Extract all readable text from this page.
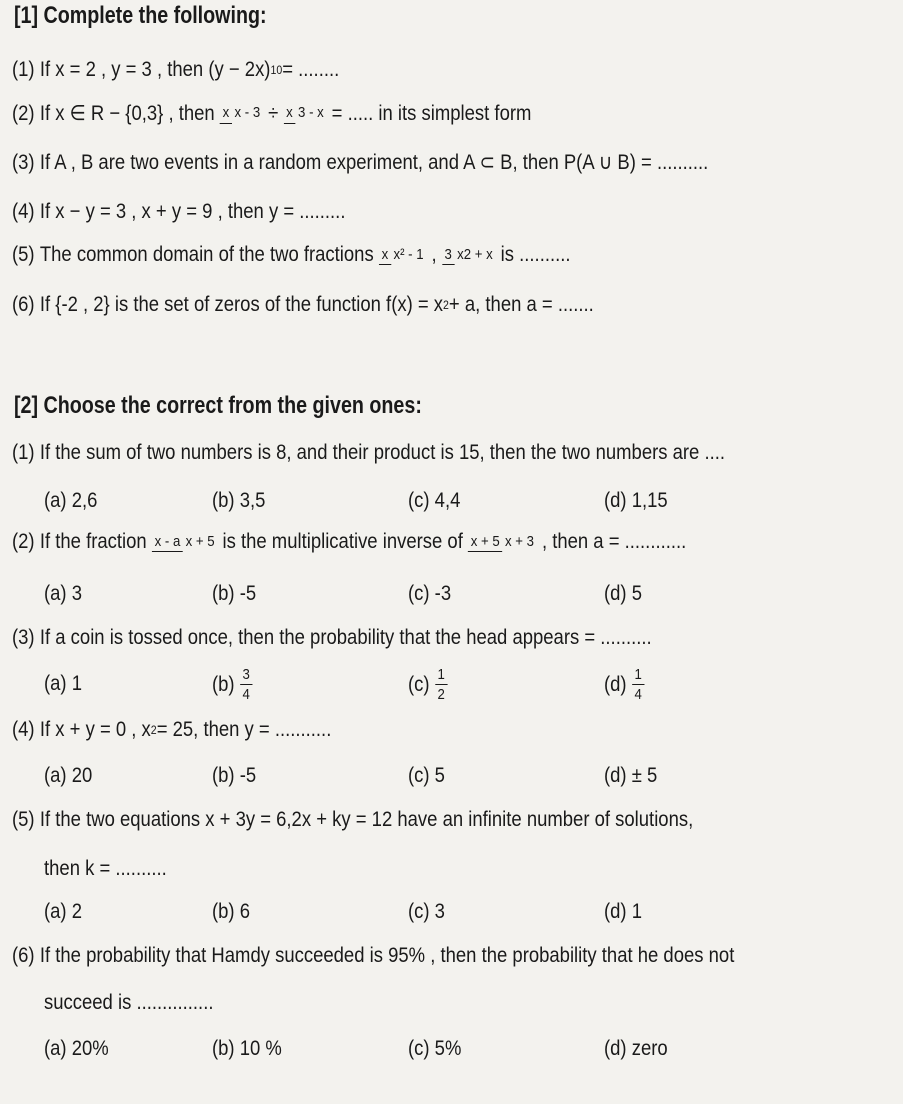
[1] Complete the following:
(1) If x = 2 , y = 3 , then (y − 2x) 10 = ........
(2) If x ∈ R − {0,3} , then x x - 3 ÷ x 3 - x = ..... in its simplest form
(3) If A , B are two events in a random experiment, and A ⊂ B, then P(A ∪ B) = ..........
(4) If x − y = 3 , x + y = 9 , then y = .........
(5) The common domain of the two fractions x x² - 1 , 3 x2 + x is ..........
(6) If {-2 , 2} is the set of zeros of the function f(x) = x 2 + a, then a = .......
[2] Choose the correct from the given ones:
(1) If the sum of two numbers is 8, and their product is 15, then the two numbers are ....
(a) 2,6	(b) 3,5	(c) 4,4	(d) 1,15
(2) If the fraction x - a x + 5 is the multiplicative inverse of x + 5 x + 3 , then a = ............
(a) 3	(b) -5	(c) -3	(d) 5
(3) If a coin is tossed once, then the probability that the head appears = ..........
(a) 1	$(b) \frac{3}{4}$	$(c) \frac{1}{2}$	$(d) \frac{1}{4}$
(4) If x + y = 0 , x 2 = 25, then y = ...........
(a) 20	(b) -5	(c) 5	(d) ± 5
(5) If the two equations x + 3y = 6,2x + ky = 12 have an infinite number of solutions,
then k = ..........
(a) 2	(b) 6	(c) 3	(d) 1
(6) If the probability that Hamdy succeeded is 95% , then the probability that he does not
succeed is ...............
(a) 20%	(b) 10 %	(c) 5%	(d) zero
